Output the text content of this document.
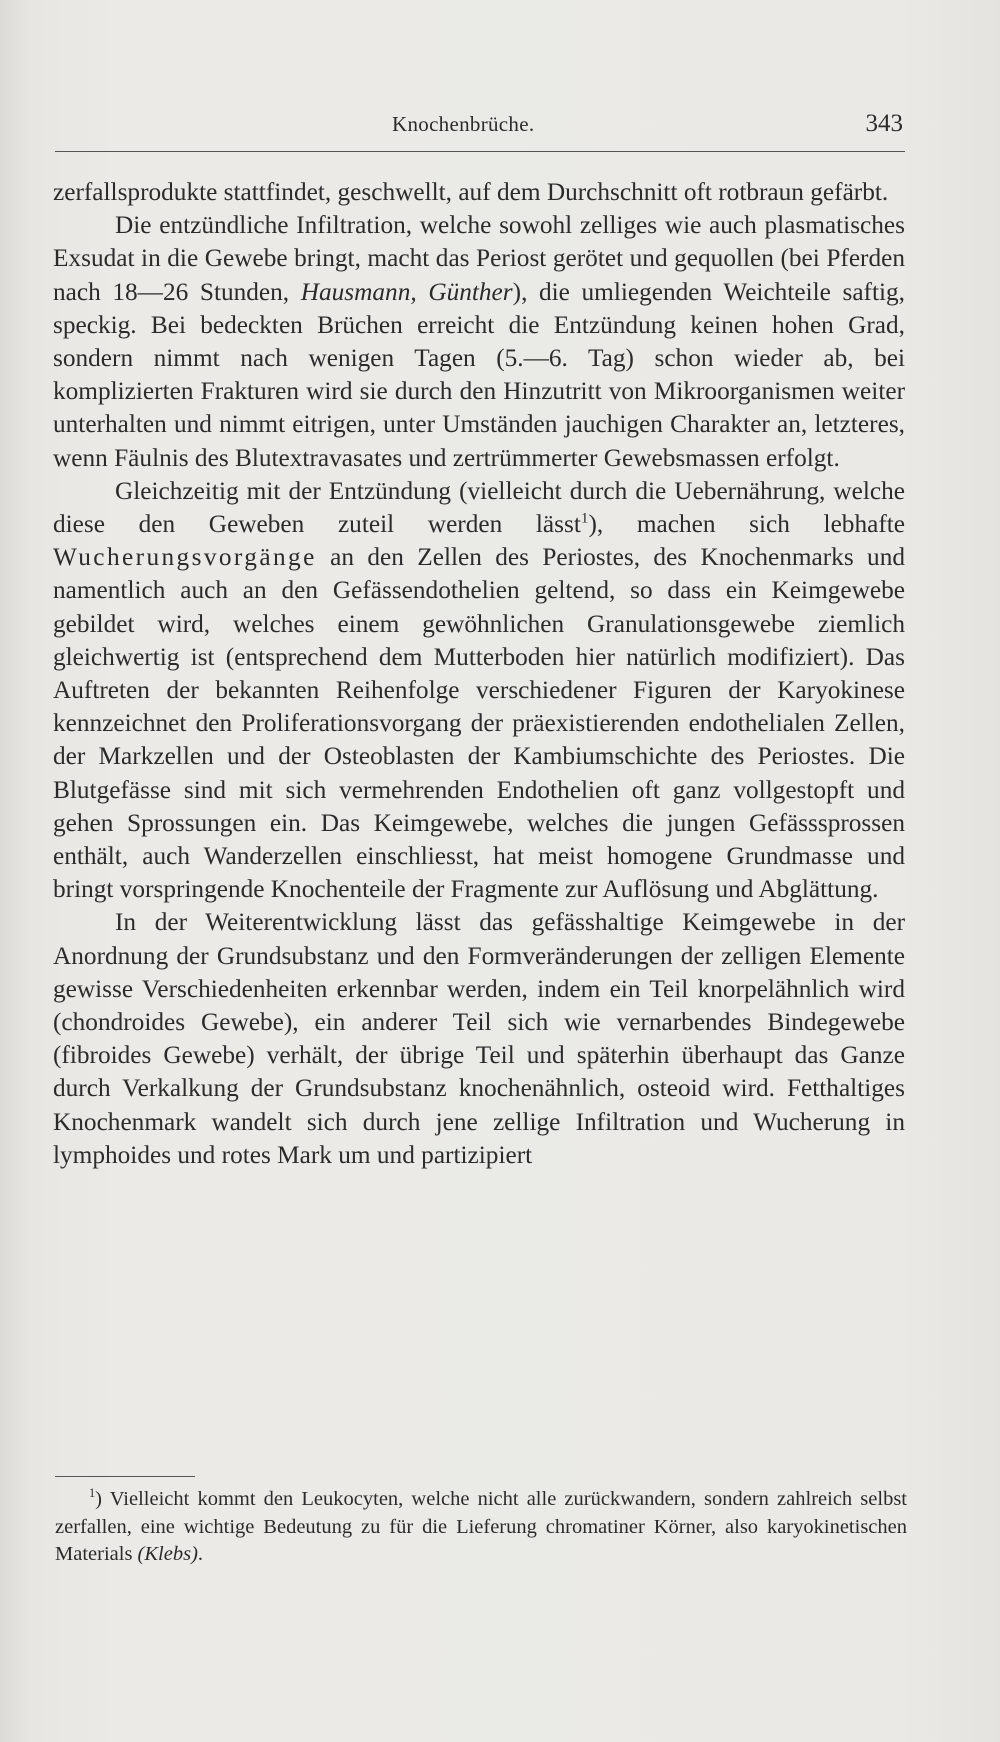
Knochenbrüche.	343

zerfallsprodukte stattfindet, geschwellt, auf dem Durchschnitt oft rotbraun gefärbt.

Die entzündliche Infiltration, welche sowohl zelliges wie auch plasmatisches Exsudat in die Gewebe bringt, macht das Periost gerötet und gequollen (bei Pferden nach 18—26 Stunden, Hausmann, Günther), die umliegenden Weichteile saftig, speckig. Bei bedeckten Brüchen erreicht die Entzündung keinen hohen Grad, sondern nimmt nach wenigen Tagen (5.—6. Tag) schon wieder ab, bei komplizierten Frakturen wird sie durch den Hinzutritt von Mikroorganismen weiter unterhalten und nimmt eitrigen, unter Umständen jauchigen Charakter an, letzteres, wenn Fäulnis des Blutextravasates und zertrümmerter Gewebsmassen erfolgt.

Gleichzeitig mit der Entzündung (vielleicht durch die Uebernährung, welche diese den Geweben zuteil werden lässt$^1$), machen sich lebhafte Wucherungsvorgänge an den Zellen des Periostes, des Knochenmarks und namentlich auch an den Gefässendothelien geltend, so dass ein Keimgewebe gebildet wird, welches einem gewöhnlichen Granulationsgewebe ziemlich gleichwertig ist (entsprechend dem Mutterboden hier natürlich modifiziert). Das Auftreten der bekannten Reihenfolge verschiedener Figuren der Karyokinese kennzeichnet den Proliferationsvorgang der präexistierenden endothelialen Zellen, der Markzellen und der Osteoblasten der Kambiumschichte des Periostes. Die Blutgefässe sind mit sich vermehrenden Endothelien oft ganz vollgestopft und gehen Sprossungen ein. Das Keimgewebe, welches die jungen Gefässsprossen enthält, auch Wanderzellen einschliesst, hat meist homogene Grundmasse und bringt vorspringende Knochenteile der Fragmente zur Auflösung und Abglättung.

In der Weiterentwicklung lässt das gefässhaltige Keimgewebe in der Anordnung der Grundsubstanz und den Formveränderungen der zelligen Elemente gewisse Verschiedenheiten erkennbar werden, indem ein Teil knorpelähnlich wird (chondroides Gewebe), ein anderer Teil sich wie vernarbendes Bindegewebe (fibroides Gewebe) verhält, der übrige Teil und späterhin überhaupt das Ganze durch Verkalkung der Grundsubstanz knochenähnlich, osteoid wird. Fetthaltiges Knochenmark wandelt sich durch jene zellige Infiltration und Wucherung in lymphoides und rotes Mark um und partizipiert

$^1$) Vielleicht kommt den Leukocyten, welche nicht alle zurückwandern, sondern zahlreich selbst zerfallen, eine wichtige Bedeutung zu für die Lieferung chromatiner Körner, also karyokinetischen Materials (Klebs).
